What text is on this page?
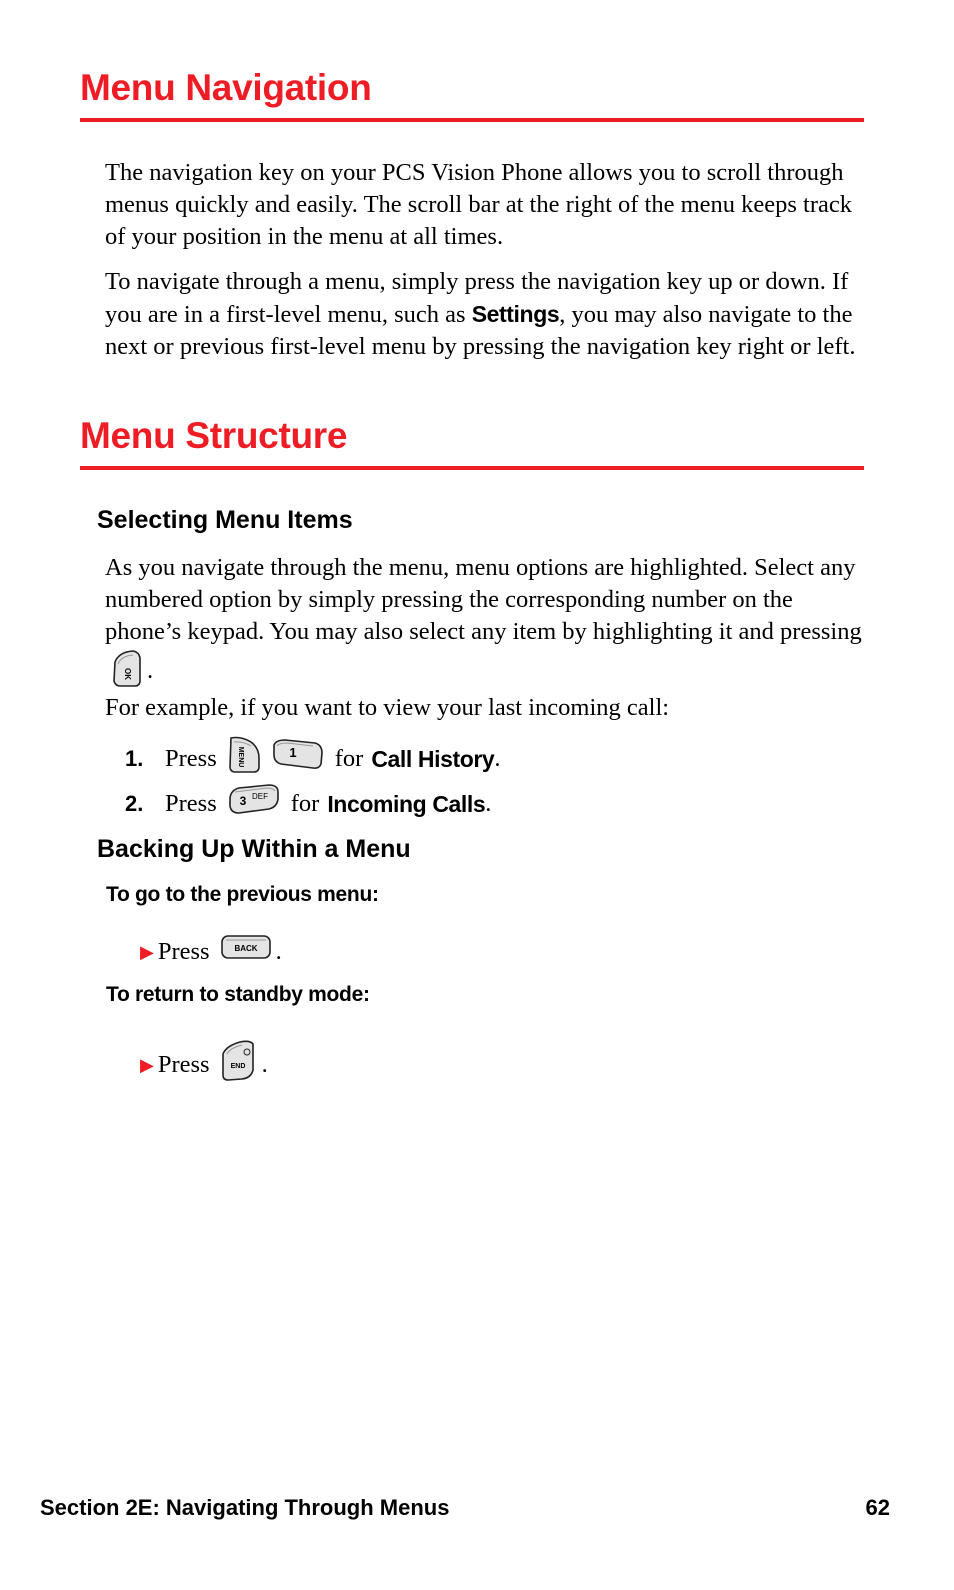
Menu Navigation

The navigation key on your PCS Vision Phone allows you to scroll through menus quickly and easily. The scroll bar at the right of the menu keeps track of your position in the menu at all times.

To navigate through a menu, simply press the navigation key up or down. If you are in a first-level menu, such as Settings, you may also navigate to the next or previous first-level menu by pressing the navigation key right or left.

Menu Structure
Selecting Menu Items

As you navigate through the menu, menu options are highlighted. Select any numbered option by simply pressing the corresponding number on the phone’s keypad. You may also select any item by highlighting it and pressing
OK .

For example, if you want to view your last incoming call:

1. Press	MENU	1 for Call History .
2. Press 3 DEF for Incoming Calls .
Backing Up Within a Menu
To go to the previous menu:
▶ Press	BACK .
To return to standby mode:
▶ Press	END .
Section 2E: Navigating Through Menus	62
